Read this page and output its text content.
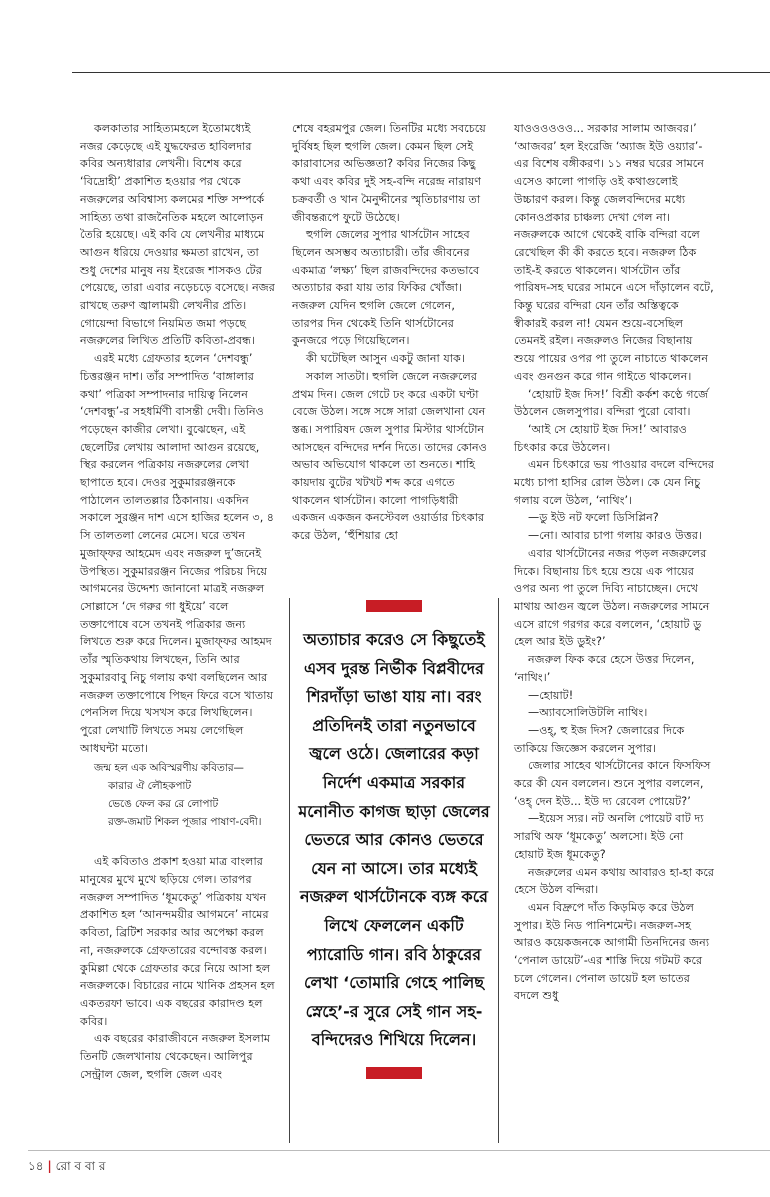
কলকাতার সাহিত্যমহলে ইতোমধ্যেই নজর কেড়েছে এই যুদ্ধফেরত হাবিলদার কবির অন্যধারার লেখনী। বিশেষ করে ‘বিদ্রোহী’ প্রকাশিত হওয়ার পর থেকে নজরুলের অবিশ্বাস্য কলমের শক্তি সম্পর্কে সাহিত্য তথা রাজনৈতিক মহলে আলোড়ন তৈরি হয়েছে। এই কবি যে লেখনীর মাধ্যমে আগুন ধরিয়ে দেওয়ার ক্ষমতা রাখেন, তা শুধু দেশের মানুষ নয় ইংরেজ শাসকও টের পেয়েছে, তারা এবার নড়েচড়ে বসেছে। নজর রাখছে তরুণ জ্বালাময়ী লেখনীর প্রতি। গোয়েন্দা বিভাগে নিয়মিত জমা পড়ছে নজরুলের লিখিত প্রতিটি কবিতা-প্রবন্ধ।

এরই মধ্যে গ্রেফতার হলেন ‘দেশবন্ধু’ চিত্তরঞ্জন দাশ। তাঁর সম্পাদিত ‘বাঙ্গালার কথা’ পত্রিকা সম্পাদনার দায়িত্ব নিলেন ‘দেশবন্ধু’-র সহধর্মিণী বাসন্তী দেবী। তিনিও পড়েছেন কাজীর লেখা। বুঝেছেন, এই ছেলেটির লেখায় আলাদা আগুন রয়েছে, স্থির করলেন পত্রিকায় নজরুলের লেখা ছাপাতে হবে। দেওর সুকুমাররঞ্জনকে পাঠালেন তালতল্লার ঠিকানায়। একদিন সকালে সুরঞ্জন দাশ এসে হাজির হলেন ৩, ৪ সি তালতলা লেনের মেসে। ঘরে তখন মুজাফ্ফর আহমেদ এবং নজরুল দু’জনেই উপস্থিত। সুকুমাররঞ্জন নিজের পরিচয় দিয়ে আগমনের উদ্দেশ্য জানানো মাত্রই নজরুল সোল্লাসে ‘দে গরুর গা ধুইয়ে’ বলে তক্তাপোষে বসে তখনই পত্রিকার জন্য লিখতে শুরু করে দিলেন। মুজাফ্ফর আহমদ তাঁর স্মৃতিকথায় লিখছেন, তিনি আর সুকুমারবাবু নিচু গলায় কথা বলছিলেন আর নজরুল তক্তাপোষে পিছন ফিরে বসে খাতায় পেনসিল দিয়ে খসখস করে লিখছিলেন। পুরো লেখাটি লিখতে সময় লেগেছিল আধঘন্টা মতো।

জন্ম হল এক অবিস্মরণীয় কবিতার—
কারার ঐ লৌহকপাট
ভেঙে ফেল কর রে লোপাট
রক্ত-জমাট শিকল পূজার পাষাণ-বেদী।

এই কবিতাও প্রকাশ হওয়া মাত্র বাংলার মানুষের মুখে মুখে ছড়িয়ে গেল। তারপর নজরুল সম্পাদিত ‘ধূমকেতু’ পত্রিকায় যখন প্রকাশিত হল ‘আনন্দময়ীর আগমনে’ নামের কবিতা, ব্রিটিশ সরকার আর অপেক্ষা করল না, নজরুলকে গ্রেফতারের বন্দোবস্ত করল। কুমিল্লা থেকে গ্রেফতার করে নিয়ে আসা হল নজরুলকে। বিচারের নামে খানিক প্রহসন হল একতরফা ভাবে। এক বছরের কারাদণ্ড হল কবির।

এক বছরের কারাজীবনে নজরুল ইসলাম তিনটি জেলখানায় থেকেছেন। আলিপুর সেন্ট্রাল জেল, হুগলি জেল এবং

শেষে বহরমপুর জেল। তিনটির মধ্যে সবচেয়ে দুর্বিষহ ছিল হুগলি জেল। কেমন ছিল সেই কারাবাসের অভিজ্ঞতা? কবির নিজের কিছু কথা এবং কবির দুই সহ-বন্দি নরেন্দ্র নারায়ণ চক্রবর্তী ও খান মৈনুদ্দীনের স্মৃতিচারণায় তা জীবন্তরূপে ফুটে উঠেছে।

হুগলি জেলের সুপার থার্সটোন সাহেব ছিলেন অসম্ভব অত্যাচারী। তাঁর জীবনের একমাত্র ‘লক্ষ্য’ ছিল রাজবন্দিদের কতভাবে অত্যাচার করা যায় তার ফিকির খোঁজা। নজরুল যেদিন হুগলি জেলে গেলেন, তারপর দিন থেকেই তিনি থার্সটোনের কুনজরে পড়ে গিয়েছিলেন।

কী ঘটেছিল আসুন একটু জানা যাক।

সকাল সাতটা। হুগলি জেলে নজরুলের প্রথম দিন। জেল গেটে ঢং করে একটা ঘণ্টা বেজে উঠল। সঙ্গে সঙ্গে সারা জেলখানা যেন স্তব্ধ। সপারিষদ জেল সুপার মিস্টার থার্সটোন আসছেন বন্দিদের দর্শন দিতে। তাদের কোনও অভাব অভিযোগ থাকলে তা শুনতে। শাহি কায়দায় বুটের খটখট শব্দ করে এগতে থাকলেন থার্সটোন। কালো পাগড়িধারী একজন একজন কনস্টেবল ওয়ার্ডার চিৎকার করে উঠল, ‘হুঁশিয়ার হো

অত্যাচার করেও সে কিছুতেই এসব দুরন্ত নির্ভীক বিপ্লবীদের শিরদাঁড়া ভাঙা যায় না। বরং প্রতিদিনই তারা নতুনভাবে জ্বলে ওঠে। জেলারের কড়া নির্দেশ একমাত্র সরকার মনোনীত কাগজ ছাড়া জেলের ভেতরে আর কোনও ভেতরে যেন না আসে। তার মধ্যেই নজরুল থার্সটোনকে ব্যঙ্গ করে লিখে ফেললেন একটি প্যারোডি গান। রবি ঠাকুরের লেখা ‘তোমারি গেহে পালিছ স্নেহে’-র সুরে সেই গান সহ-বন্দিদেরও শিখিয়ে দিলেন।

যাওওওওওও... সরকার সালাম আজবর।’ ‘আজবর’ হল ইংরেজি ‘অ্যাজ ইউ ওয়্যার’-এর বিশেষ বঙ্গীকরণ। ১১ নম্বর ঘরের সামনে এসেও কালো পাগড়ি ওই কথাগুলোই উচ্চারণ করল। কিন্তু জেলবন্দিদের মধ্যে কোনওপ্রকার চাঞ্চল্য দেখা গেল না। নজরুলকে আগে থেকেই বাকি বন্দিরা বলে রেখেছিল কী কী করতে হবে। নজরুল ঠিক তাই-ই করতে থাকলেন। থার্সটোন তাঁর পারিষদ-সহ ঘরের সামনে এসে দাঁড়ালেন বটে, কিন্তু ঘরের বন্দিরা যেন তাঁর অস্তিত্বকে স্বীকারই করল না! যেমন শুয়ে-বসেছিল তেমনই রইল। নজরুলও নিজের বিছানায় শুয়ে পায়ের ওপর পা তুলে নাচাতে থাকলেন এবং গুনগুন করে গান গাইতে থাকলেন।

‘হোয়াট ইজ দিস!’ বিশ্রী কর্কশ কণ্ঠে গর্জে উঠলেন জেলসুপার। বন্দিরা পুরো বোবা।

‘আই সে হোয়াট ইজ দিস!’ আবারও চিৎকার করে উঠলেন।

এমন চিৎকারে ভয় পাওয়ার বদলে বন্দিদের মধ্যে চাপা হাসির রোল উঠল। কে যেন নিচু গলায় বলে উঠল, ‘নাথিং’।

—ডু ইউ নট ফলো ডিসিপ্লিন?

—নো। আবার চাপা গলায় কারও উত্তর।

এবার থার্সটোনের নজর পড়ল নজরুলের দিকে। বিছানায় চিৎ হয়ে শুয়ে এক পায়ের ওপর অন্য পা তুলে দিব্যি নাচাচ্ছেন। দেখে মাথায় আগুন জ্বলে উঠল। নজরুলের সামনে এসে রাগে গরগর করে বললেন, ‘হোয়াট ডু হেল আর ইউ ডুইং?’

নজরুল ফিক করে হেসে উত্তর দিলেন, ‘নাথিং।’

—হোয়াট!

—অ্যাবসোলিউটলি নাথিং।

—ওহ্‌, হু ইজ দিস? জেলারের দিকে তাকিয়ে জিজ্ঞেস করলেন সুপার।

জেলার সাহেব থার্সটোনের কানে ফিসফিস করে কী যেন বললেন। শুনে সুপার বললেন, ‘ওহ্‌ দেন ইউ... ইউ দ্য রেবেল পোয়েট?’

—ইয়েস স্যর। নট অনলি পোয়েট বাট দ্য সারথি অফ ‘ধূমকেতু’ অলসো। ইউ নো হোয়াট ইজ ধূমকেতু?

নজরুলের এমন কথায় আবারও হা-হা করে হেসে উঠল বন্দিরা।

এমন বিদ্রুপে দাঁত কিড়মিড় করে উঠল সুপার। ইউ নিড পানিশমেন্ট। নজরুল-সহ আরও কয়েকজনকে আগামী তিনদিনের জন্য ‘পেনাল ডায়েট’-এর শাস্তি দিয়ে গটমট করে চলে গেলেন। পেনাল ডায়েট হল ভাতের বদলে শুধু

১৪ | রো ব বা র
